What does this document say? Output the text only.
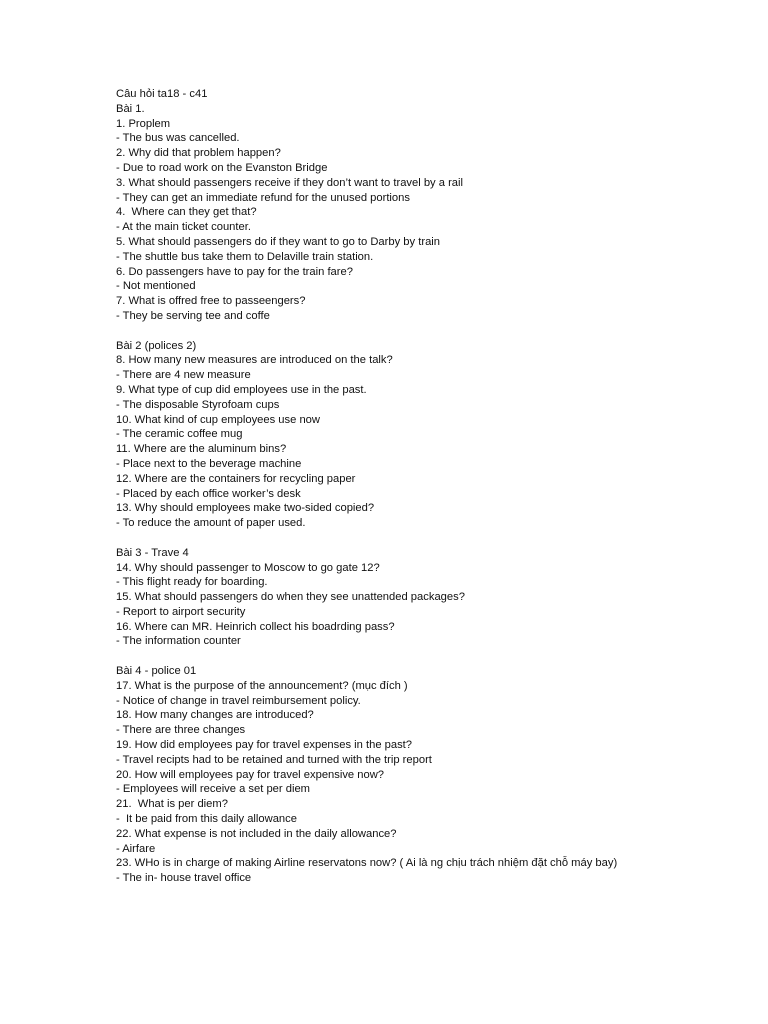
Câu hỏi ta18 - c41
Bài 1.
1. Proplem
- The bus was cancelled.
2. Why did that problem happen?
- Due to road work on the Evanston Bridge
3. What should passengers receive if they don’t want to travel by a rail
- They can get an immediate refund for the unused portions
4.  Where can they get that?
- At the main ticket counter.
5. What should passengers do if they want to go to Darby by train
- The shuttle bus take them to Delaville train station.
6. Do passengers have to pay for the train fare?
- Not mentioned
7. What is offred free to passeengers?
- They be serving tee and coffe
Bài 2 (polices 2)
8. How many new measures are introduced on the talk?
- There are 4 new measure
9. What type of cup did employees use in the past.
- The disposable Styrofoam cups
10. What kind of cup employees use now
- The ceramic coffee mug
11. Where are the aluminum bins?
- Place next to the beverage machine
12. Where are the containers for recycling paper
- Placed by each office worker’s desk
13. Why should employees make two-sided copied?
- To reduce the amount of paper used.
Bài 3 - Trave 4
14. Why should passenger to Moscow to go gate 12?
- This flight ready for boarding.
15. What should passengers do when they see unattended packages?
- Report to airport security
16. Where can MR. Heinrich collect his boadrding pass?
- The information counter
Bài 4 - police 01
17. What is the purpose of the announcement? (mục đích )
- Notice of change in travel reimbursement policy.
18. How many changes are introduced?
- There are three changes
19. How did employees pay for travel expenses in the past?
- Travel recipts had to be retained and turned with the trip report
20. How will employees pay for travel expensive now?
- Employees will receive a set per diem
21.  What is per diem?
-  It be paid from this daily allowance
22. What expense is not included in the daily allowance?
- Airfare
23. WHo is in charge of making Airline reservatons now? ( Ai là ng chịu trách nhiệm đặt chỗ máy bay)
- The in- house travel office
